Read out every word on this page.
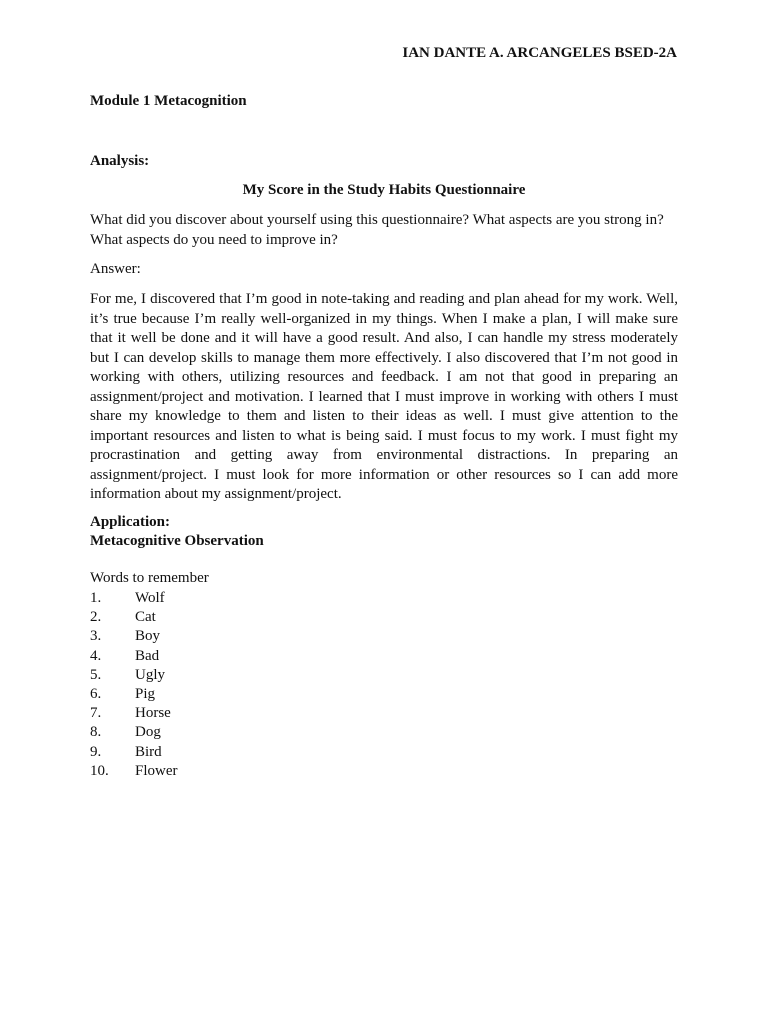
IAN DANTE A. ARCANGELES BSED-2A
Module 1 Metacognition
Analysis:
My Score in the Study Habits Questionnaire
What did you discover about yourself using this questionnaire? What aspects are you strong in? What aspects do you need to improve in?
Answer:
For me, I discovered that I’m good in note-taking and reading and plan ahead for my work. Well, it’s true because I’m really well-organized in my things. When I make a plan, I will make sure that it well be done and it will have a good result. And also, I can handle my stress moderately but I can develop skills to manage them more effectively. I also discovered that I’m not good in working with others, utilizing resources and feedback. I am not that good in preparing an assignment/project and motivation. I learned that I must improve in working with others I must share my knowledge to them and listen to their ideas as well. I must give attention to the important resources and listen to what is being said. I must focus to my work. I must fight my procrastination and getting away from environmental distractions. In preparing an assignment/project. I must look for more information or other resources so I can add more information about my assignment/project.
Application:
Metacognitive Observation
Words to remember
1.	Wolf
2.	Cat
3.	Boy
4.	Bad
5.	Ugly
6.	Pig
7.	Horse
8.	Dog
9.	Bird
10.	Flower
